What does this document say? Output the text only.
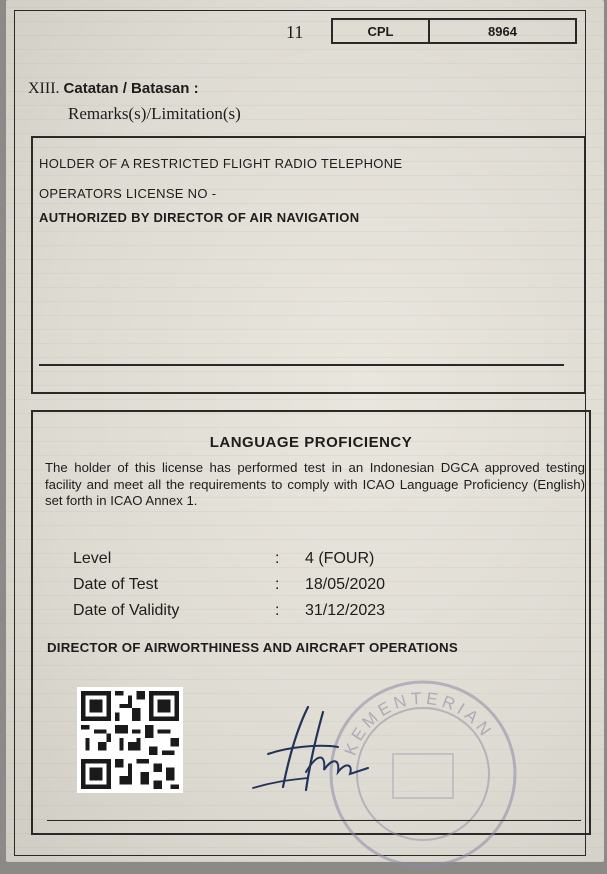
11	CPL	8964
XIII. Catatan / Batasan :
Remarks(s)/Limitation(s)
HOLDER OF A RESTRICTED FLIGHT RADIO TELEPHONE
OPERATORS LICENSE NO -
AUTHORIZED BY DIRECTOR OF AIR NAVIGATION
LANGUAGE PROFICIENCY
The holder of this license has performed test in an Indonesian DGCA approved testing facility and meet all the requirements to comply with ICAO Language Proficiency (English) set forth in ICAO Annex 1.
Level	: 4 (FOUR)
Date of Test	: 18/05/2020
Date of Validity	: 31/12/2023
DIRECTOR OF AIRWORTHINESS AND AIRCRAFT OPERATIONS
KEMENTERIAN
